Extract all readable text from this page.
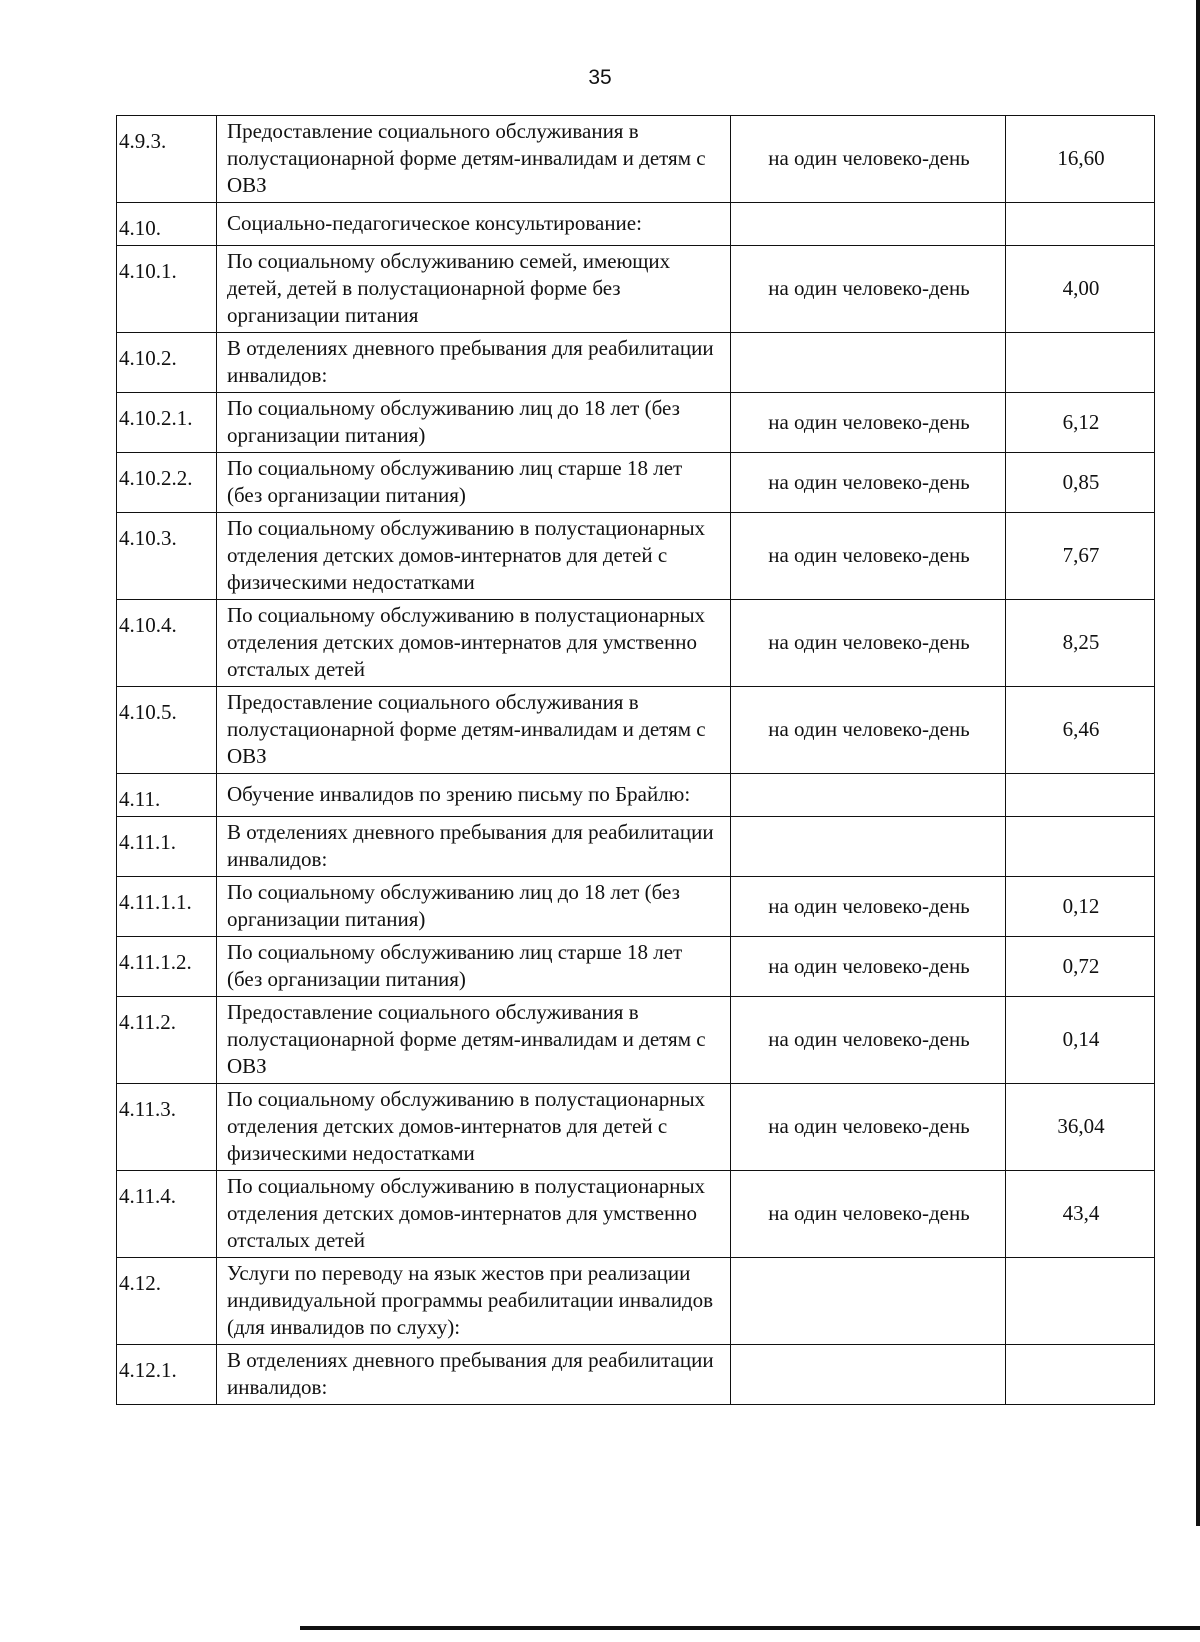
35
4.9.3.	Предоставление социального обслуживания в полустационарной форме детям-инвалидам и детям с ОВЗ	на один человеко-день	16,60
4.10.	Социально-педагогическое консультирование:		
4.10.1.	По социальному обслуживанию семей, имеющих детей, детей в полустационарной форме без организации питания	на один человеко-день	4,00
4.10.2.	В отделениях дневного пребывания для реабилитации инвалидов:		
4.10.2.1.	По социальному обслуживанию лиц до 18 лет (без организации питания)	на один человеко-день	6,12
4.10.2.2.	По социальному обслуживанию лиц старше 18 лет (без организации питания)	на один человеко-день	0,85
4.10.3.	По социальному обслуживанию в полустационарных отделения детских домов-интернатов для детей с физическими недостатками	на один человеко-день	7,67
4.10.4.	По социальному обслуживанию в полустационарных отделения детских домов-интернатов для умственно отсталых детей	на один человеко-день	8,25
4.10.5.	Предоставление социального обслуживания в полустационарной форме детям-инвалидам и детям с ОВЗ	на один человеко-день	6,46
4.11.	Обучение инвалидов по зрению письму по Брайлю:		
4.11.1.	В отделениях дневного пребывания для реабилитации инвалидов:		
4.11.1.1.	По социальному обслуживанию лиц до 18 лет (без организации питания)	на один человеко-день	0,12
4.11.1.2.	По социальному обслуживанию лиц старше 18 лет (без организации питания)	на один человеко-день	0,72
4.11.2.	Предоставление социального обслуживания в полустационарной форме детям-инвалидам и детям с ОВЗ	на один человеко-день	0,14
4.11.3.	По социальному обслуживанию в полустационарных отделения детских домов-интернатов для детей с физическими недостатками	на один человеко-день	36,04
4.11.4.	По социальному обслуживанию в полустационарных отделения детских домов-интернатов для умственно отсталых детей	на один человеко-день	43,4
4.12.	Услуги по переводу на язык жестов при реализации индивидуальной программы реабилитации инвалидов (для инвалидов по слуху):		
4.12.1.	В отделениях дневного пребывания для реабилитации инвалидов:		
